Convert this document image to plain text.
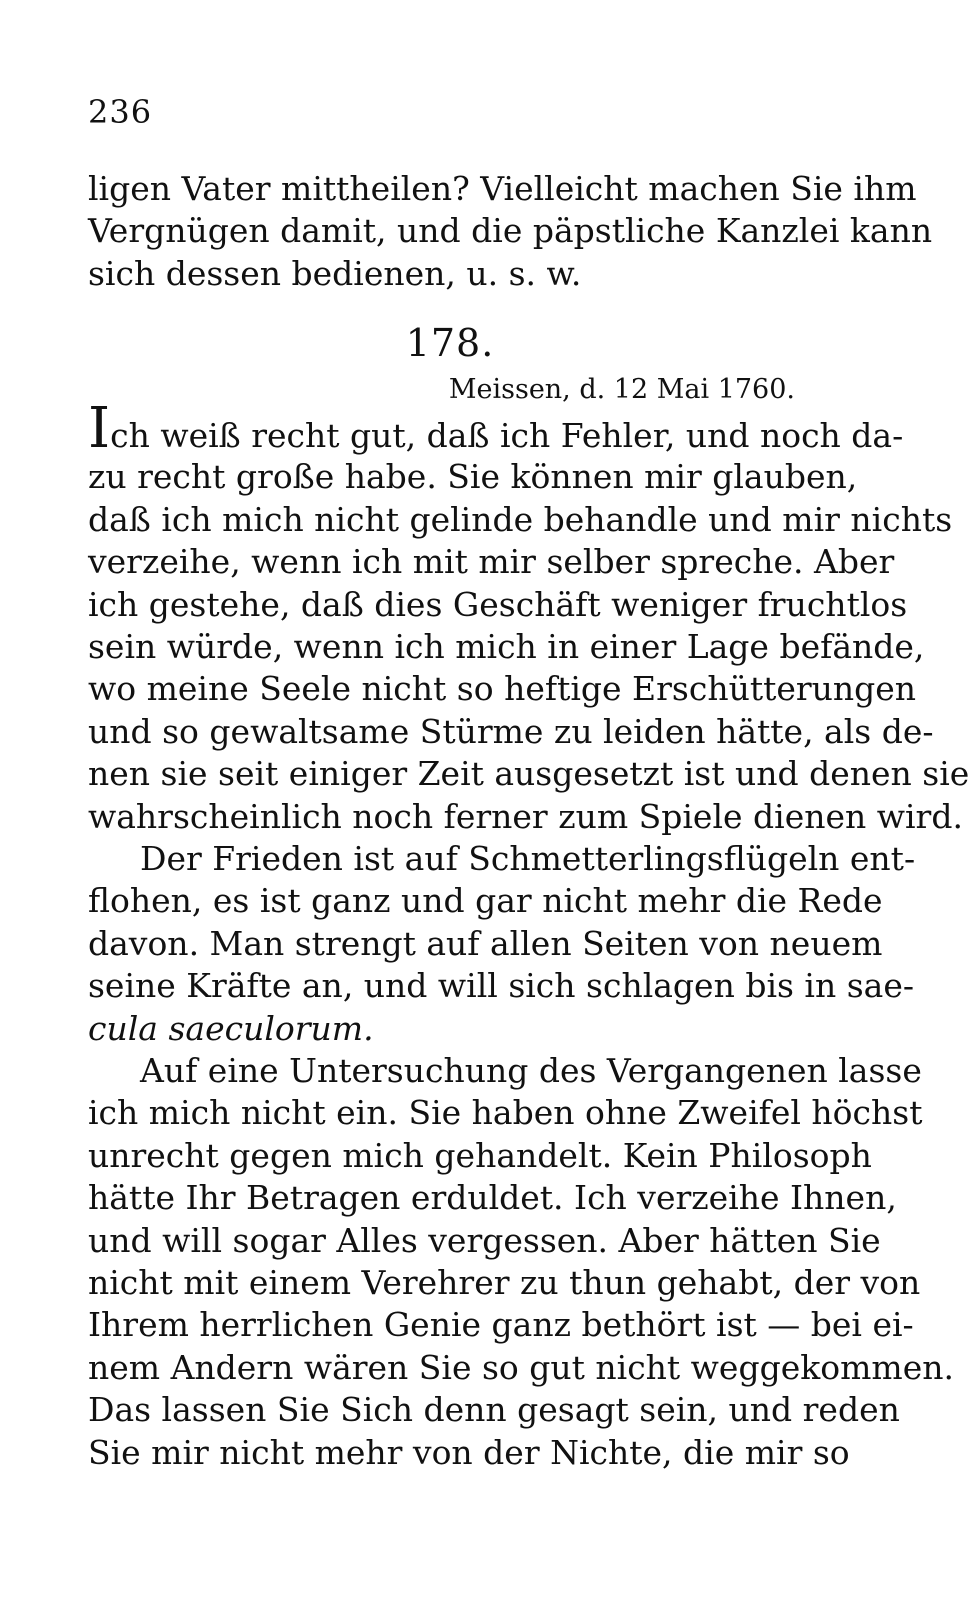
236
ligen Vater mittheilen? Vielleicht machen Sie ihm
Vergnügen damit, und die päpstliche Kanzlei kann
sich dessen bedienen, u. s. w.
178.
Meissen, d. 12 Mai 1760.
Ich weiß recht gut, daß ich Fehler, und noch da-
zu recht große habe. Sie können mir glauben,
daß ich mich nicht gelinde behandle und mir nichts
verzeihe, wenn ich mit mir selber spreche. Aber
ich gestehe, daß dies Geschäft weniger fruchtlos
sein würde, wenn ich mich in einer Lage befände,
wo meine Seele nicht so heftige Erschütterungen
und so gewaltsame Stürme zu leiden hätte, als de-
nen sie seit einiger Zeit ausgesetzt ist und denen sie
wahrscheinlich noch ferner zum Spiele dienen wird.
Der Frieden ist auf Schmetterlingsflügeln ent-
flohen, es ist ganz und gar nicht mehr die Rede
davon. Man strengt auf allen Seiten von neuem
seine Kräfte an, und will sich schlagen bis in sae-
cula saeculorum.
Auf eine Untersuchung des Vergangenen lasse
ich mich nicht ein. Sie haben ohne Zweifel höchst
unrecht gegen mich gehandelt. Kein Philosoph
hätte Ihr Betragen erduldet. Ich verzeihe Ihnen,
und will sogar Alles vergessen. Aber hätten Sie
nicht mit einem Verehrer zu thun gehabt, der von
Ihrem herrlichen Genie ganz bethört ist — bei ei-
nem Andern wären Sie so gut nicht weggekommen.
Das lassen Sie Sich denn gesagt sein, und reden
Sie mir nicht mehr von der Nichte, die mir so
